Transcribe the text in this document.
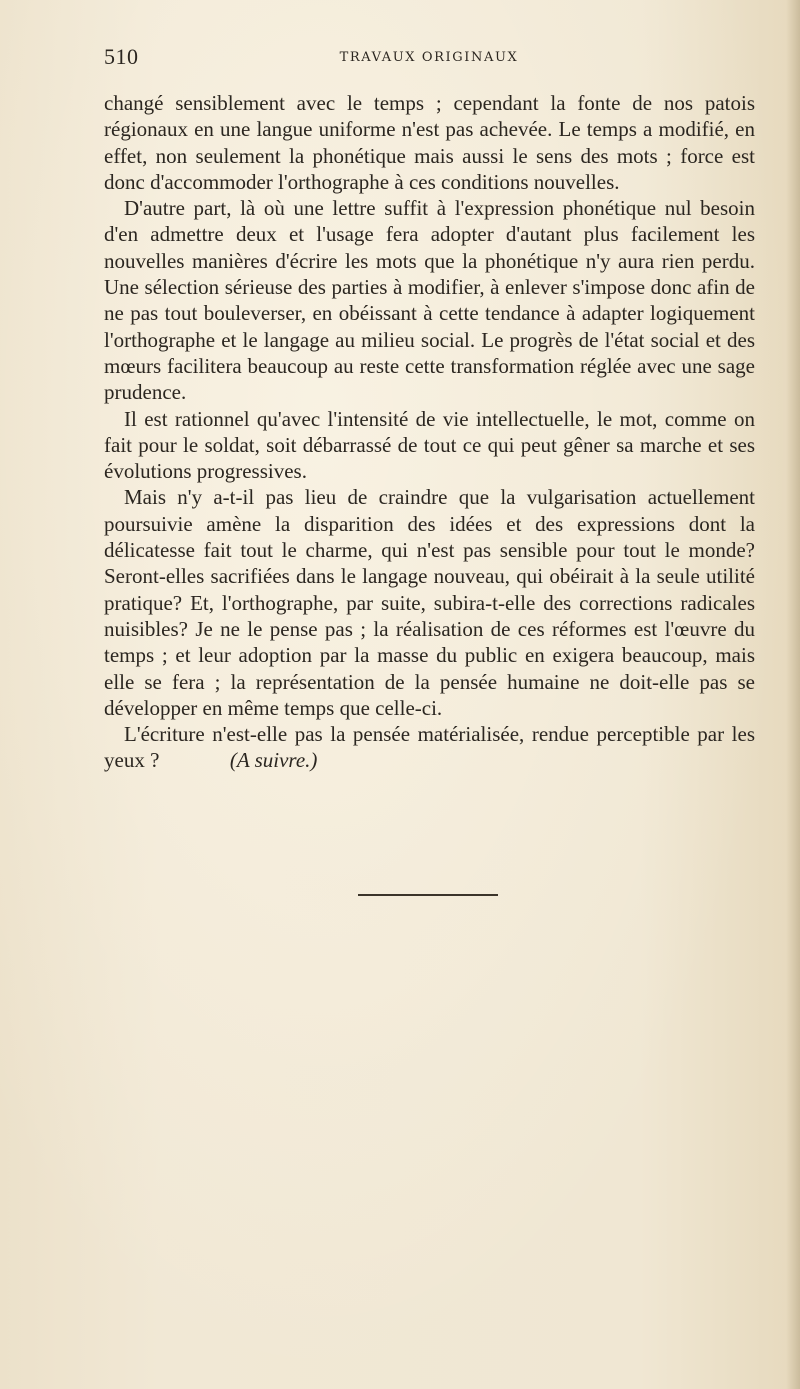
510	TRAVAUX ORIGINAUX

changé sensiblement avec le temps ; cependant la fonte de nos patois régionaux en une langue uniforme n'est pas achevée. Le temps a modifié, en effet, non seulement la phonétique mais aussi le sens des mots ; force est donc d'accommoder l'orthographe à ces conditions nouvelles.

D'autre part, là où une lettre suffit à l'expression phonétique nul besoin d'en admettre deux et l'usage fera adopter d'autant plus facilement les nouvelles manières d'écrire les mots que la phonétique n'y aura rien perdu. Une sélection sérieuse des parties à modifier, à enlever s'impose donc afin de ne pas tout bouleverser, en obéissant à cette tendance à adapter logiquement l'orthographe et le langage au milieu social. Le progrès de l'état social et des mœurs facilitera beaucoup au reste cette transformation réglée avec une sage prudence.

Il est rationnel qu'avec l'intensité de vie intellectuelle, le mot, comme on fait pour le soldat, soit débarrassé de tout ce qui peut gêner sa marche et ses évolutions progressives.

Mais n'y a-t-il pas lieu de craindre que la vulgarisation actuellement poursuivie amène la disparition des idées et des expressions dont la délicatesse fait tout le charme, qui n'est pas sensible pour tout le monde? Seront-elles sacrifiées dans le langage nouveau, qui obéirait à la seule utilité pratique? Et, l'orthographe, par suite, subira-t-elle des corrections radicales nuisibles? Je ne le pense pas ; la réalisation de ces réformes est l'œuvre du temps ; et leur adoption par la masse du public en exigera beaucoup, mais elle se fera ; la représentation de la pensée humaine ne doit-elle pas se développer en même temps que celle-ci.

L'écriture n'est-elle pas la pensée matérialisée, rendue perceptible par les yeux ?	(A suivre.)
